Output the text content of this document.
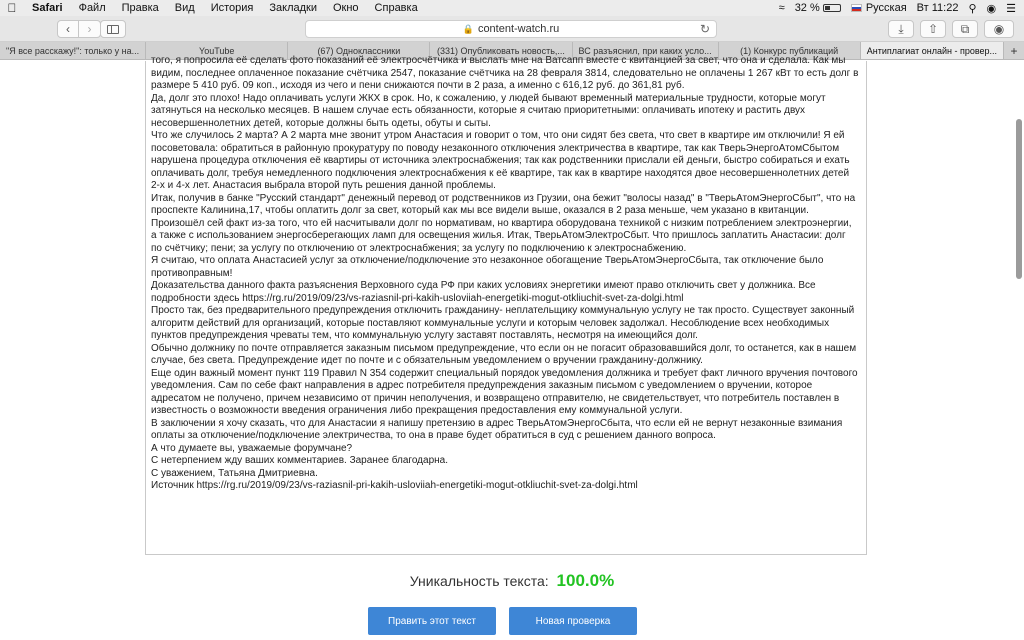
Safari	Файл	Правка	Вид	История	Закладки	Окно	Справка	≈ 32 %	Русская Вт 11:22 ⚲ ◉ ☰
‹ ›	🔒 content-watch.ru	↻	⤓ ⇧ ⧉ ◉
"Я все расскажу!": только у на...	YouTube	(67) Одноклассники	(331) Опубликовать новость,...	ВС разъяснил, при каких усло...	(1) Конкурс публикаций	Антиплагиат онлайн - провер...	+
того, я попросила её сделать фото показаний её электросчётчика и выслать мне на Ватсапп вместе с квитанцией за свет, что она и сделала. Как мы видим, последнее оплаченное показание счётчика 2547, показание счётчика на 28 февраля 3814, следовательно не оплачены 1 267 кВт то есть долг в размере 5 410 руб. 09 коп., исходя из чего и пени снижаются почти в 2 раза, а именно с 616,12 руб. до 361,81 руб.
Да, долг это плохо! Надо оплачивать услуги ЖКХ в срок. Но, к сожалению, у людей бывают временный материальные трудности, которые могут затянуться на несколько месяцев. В нашем случае есть обязанности, которые я считаю приоритетными: оплачивать ипотеку и растить двух несовершеннолетних детей, которые должны быть одеты, обуты и сыты.
Что же случилось 2 марта? А 2 марта мне звонит утром Анастасия и говорит о том, что они сидят без света, что свет в квартире им отключили! Я ей посоветовала: обратиться в районную прокуратуру по поводу незаконного отключения электричества в квартире, так как ТверьЭнергоАтомСбытом нарушена процедура отключения её квартиры от источника электроснабжения; так как родственники прислали ей деньги, быстро собираться и ехать оплачивать долг, требуя немедленного подключения электроснабжения к её квартире, так как в квартире находятся двое несовершеннолетних детей 2-х и 4-х лет. Анастасия выбрала второй путь решения данной проблемы.
Итак, получив в банке "Русский стандарт" денежный перевод от родственников из Грузии, она бежит "волосы назад" в "ТверьАтомЭнергоСбыт", что на проспекте Калинина,17, чтобы оплатить долг за свет, который как мы все видели выше, оказался в 2 раза меньше, чем указано в квитанции. Произошёл сей факт из-за того, что ей насчитывали долг по нормативам, но квартира оборудована техникой с низким потреблением электроэнергии, а также с использованием энергосберегающих ламп для освещения жилья. Итак, ТверьАтомЭлектроСбыт. Что пришлось заплатить Анастасии: долг по счётчику; пени; за услугу по отключению от электроснабжения; за услугу по подключению к электроснабжению.
Я считаю, что оплата Анастасией услуг за отключение/подключение это незаконное обогащение ТверьАтомЭнергоСбыта, так отключение было противоправным!
Доказательства данного факта разъяснения Верховного суда РФ при каких условиях энергетики имеют право отключить свет у должника. Все подробности здесь https://rg.ru/2019/09/23/vs-raziasnil-pri-kakih-usloviiah-energetiki-mogut-otkliuchit-svet-za-dolgi.html
Просто так, без предварительного предупреждения отключить гражданину- неплательщику коммунальную услугу не так просто. Существует законный алгоритм действий для организаций, которые поставляют коммунальные услуги и которым человек задолжал. Несоблюдение всех необходимых пунктов предупреждения чреваты тем, что коммунальную услугу заставят поставлять, несмотря на имеющийся долг.
Обычно должнику по почте отправляется заказным письмом предупреждение, что если он не погасит образовавшийся долг, то останется, как в нашем случае, без света. Предупреждение идет по почте и с обязательным уведомлением о вручении гражданину-должнику.
Еще один важный момент пункт 119 Правил N 354 содержит специальный порядок уведомления должника и требует факт личного вручения почтового уведомления. Сам по себе факт направления в адрес потребителя предупреждения заказным письмом с уведомлением о вручении, которое адресатом не получено, причем независимо от причин неполучения, и возвращено отправителю, не свидетельствует, что потребитель поставлен в известность о возможности введения ограничения либо прекращения предоставления ему коммунальной услуги.
В заключении я хочу сказать, что для Анастасии я напишу претензию в адрес ТверьАтомЭнергоСбыта, что если ей не вернут незаконные взимания оплаты за отключение/подключение электричества, то она в праве будет обратиться в суд с решением данного вопроса.
А что думаете вы, уважаемые форумчане?
С нетерпением жду ваших комментариев. Заранее благодарна.
С уважением, Татьяна Дмитриевна.
Источник https://rg.ru/2019/09/23/vs-raziasnil-pri-kakih-usloviiah-energetiki-mogut-otkliuchit-svet-za-dolgi.html
Уникальность текста: 100.0%
Править этот текст	Новая проверка
